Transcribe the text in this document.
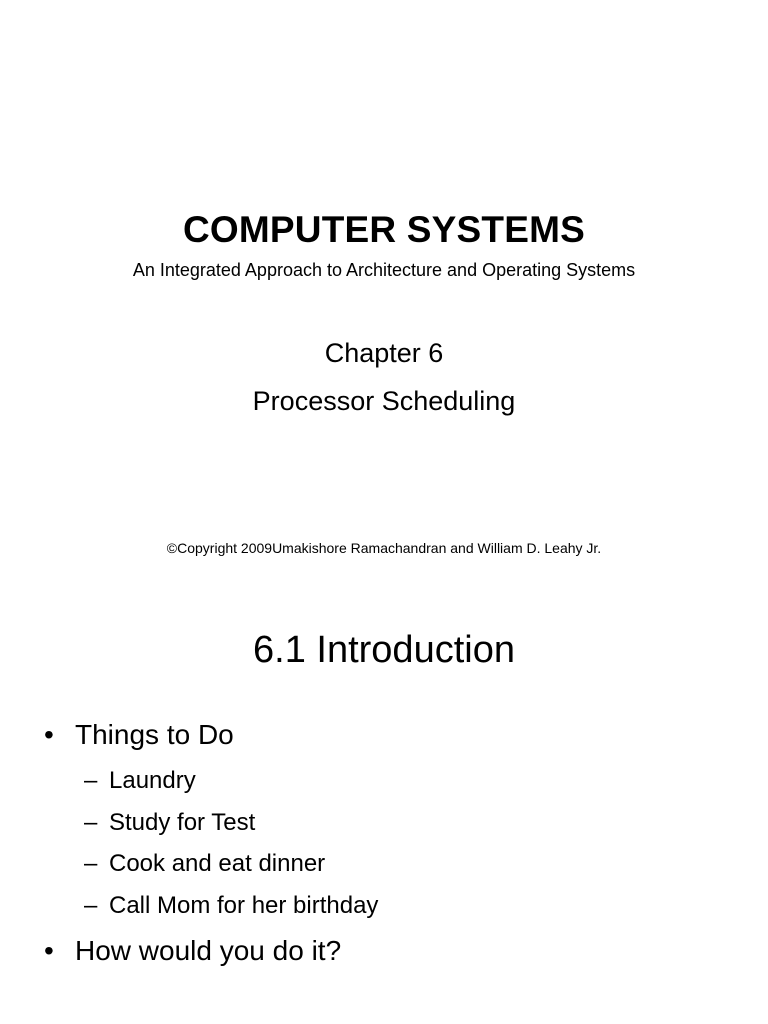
COMPUTER SYSTEMS
An Integrated Approach to Architecture and Operating Systems
Chapter 6
Processor Scheduling
©Copyright 2009Umakishore Ramachandran and William D. Leahy Jr.
6.1 Introduction
• Things to Do
– Laundry
– Study for Test
– Cook and eat dinner
– Call Mom for her birthday
• How would you do it?
